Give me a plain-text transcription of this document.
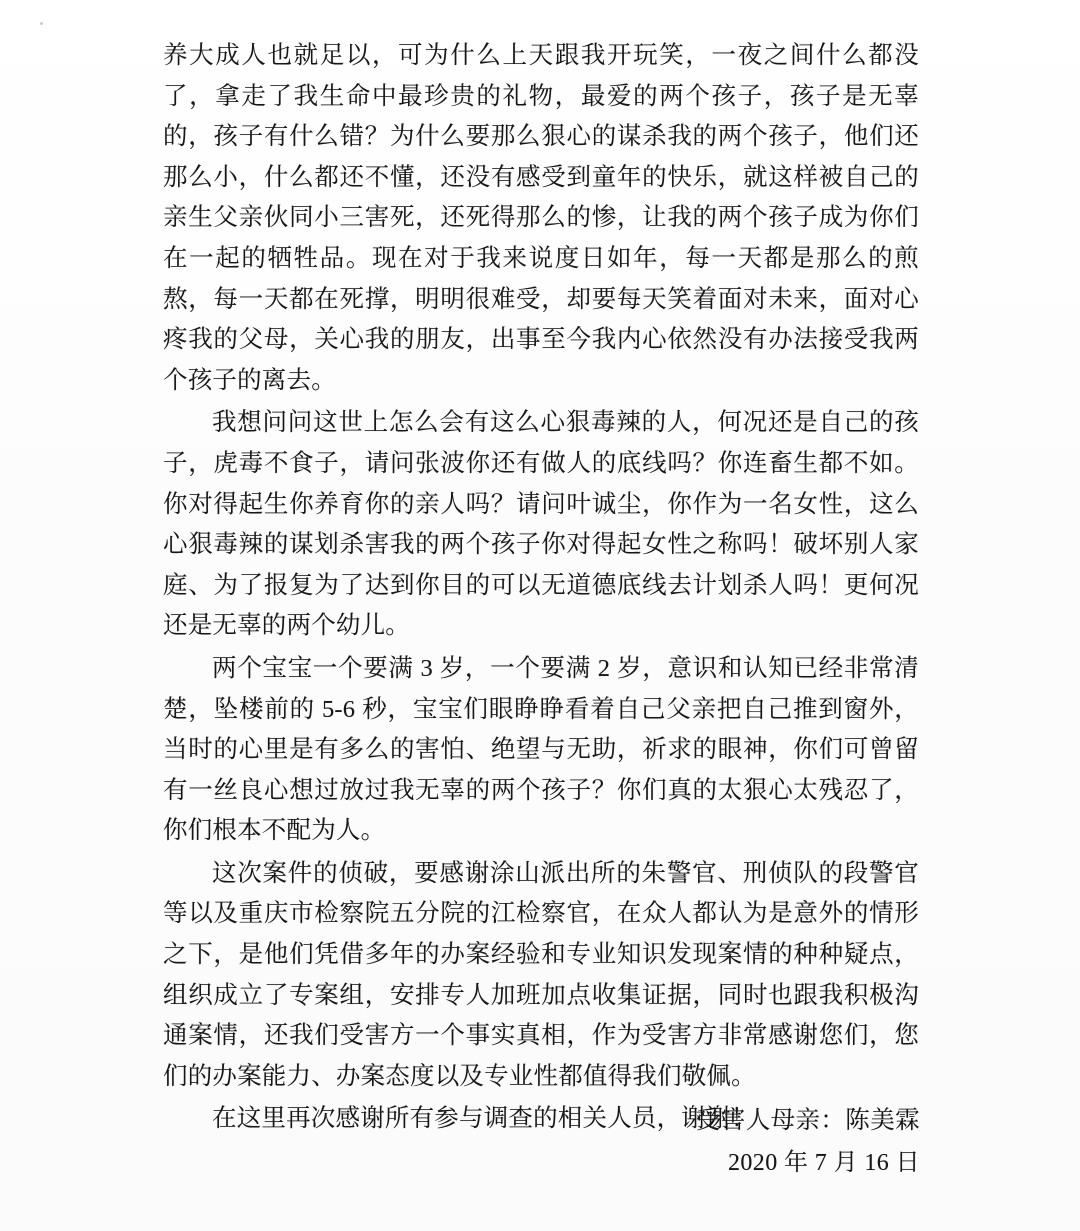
养大成人也就足以，可为什么上天跟我开玩笑，一夜之间什么都没了，拿走了我生命中最珍贵的礼物，最爱的两个孩子，孩子是无辜的，孩子有什么错？为什么要那么狠心的谋杀我的两个孩子，他们还那么小，什么都还不懂，还没有感受到童年的快乐，就这样被自己的亲生父亲伙同小三害死，还死得那么的惨，让我的两个孩子成为你们在一起的牺牲品。现在对于我来说度日如年，每一天都是那么的煎熬，每一天都在死撑，明明很难受，却要每天笑着面对未来，面对心疼我的父母，关心我的朋友，出事至今我内心依然没有办法接受我两个孩子的离去。

我想问问这世上怎么会有这么心狠毒辣的人，何况还是自己的孩子，虎毒不食子，请问张波你还有做人的底线吗？你连畜生都不如。你对得起生你养育你的亲人吗？请问叶诚尘，你作为一名女性，这么心狠毒辣的谋划杀害我的两个孩子你对得起女性之称吗！破坏别人家庭、为了报复为了达到你目的可以无道德底线去计划杀人吗！更何况还是无辜的两个幼儿。

两个宝宝一个要满 3 岁，一个要满 2 岁，意识和认知已经非常清楚，坠楼前的 5-6 秒，宝宝们眼睁睁看着自己父亲把自己推到窗外，当时的心里是有多么的害怕、绝望与无助，祈求的眼神，你们可曾留有一丝良心想过放过我无辜的两个孩子？你们真的太狠心太残忍了，你们根本不配为人。

这次案件的侦破，要感谢涂山派出所的朱警官、刑侦队的段警官等以及重庆市检察院五分院的江检察官，在众人都认为是意外的情形之下，是他们凭借多年的办案经验和专业知识发现案情的种种疑点，组织成立了专案组，安排专人加班加点收集证据，同时也跟我积极沟通案情，还我们受害方一个事实真相，作为受害方非常感谢您们，您们的办案能力、办案态度以及专业性都值得我们敬佩。

在这里再次感谢所有参与调查的相关人员，谢谢！

受害人母亲：陈美霖
2020 年 7 月 16 日
